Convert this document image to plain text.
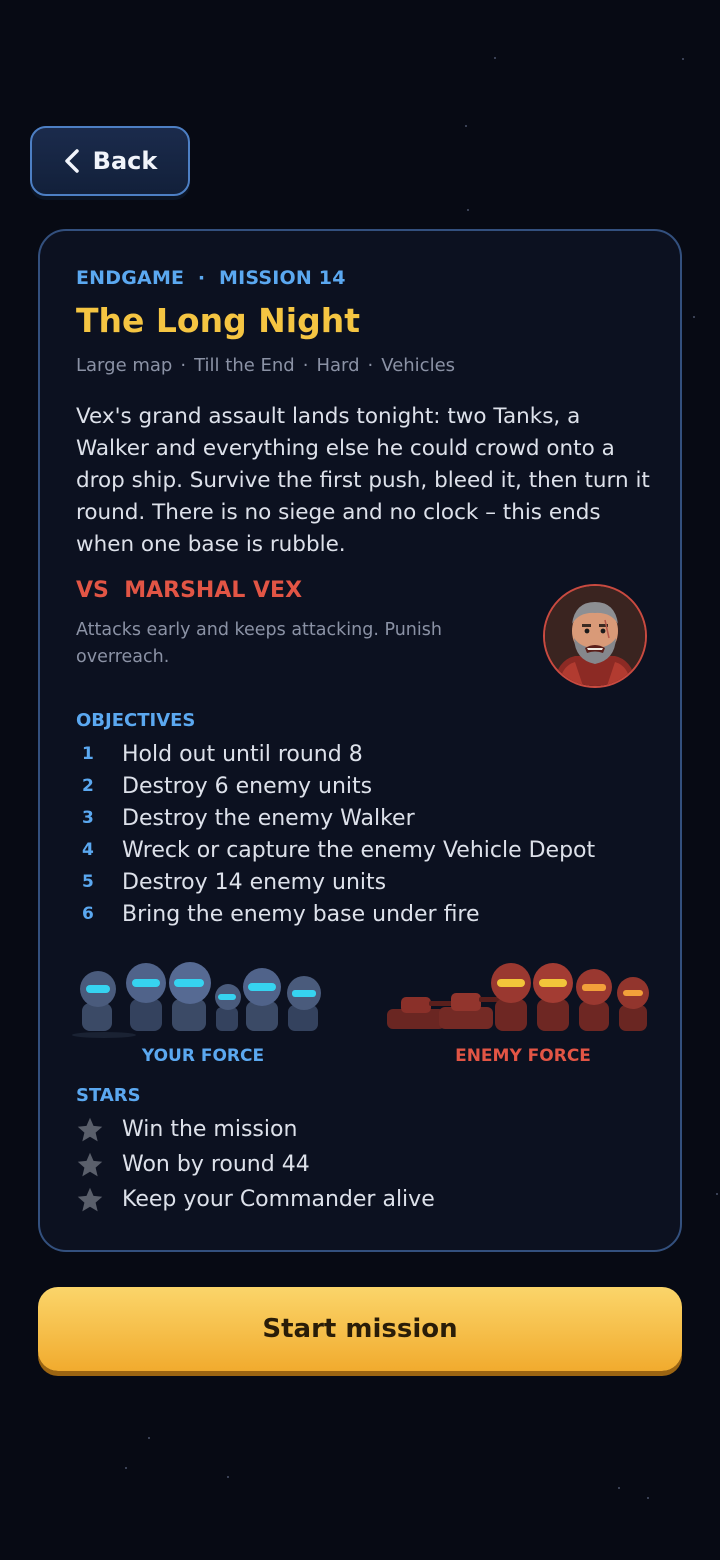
Back
ENDGAME  ·  MISSION 14
The Long Night
Large map · Till the End · Hard · Vehicles
Vex's grand assault lands tonight: two Tanks, a Walker and everything else he could crowd onto a drop ship. Survive the first push, bleed it, then turn it round. There is no siege and no clock – this ends when one base is rubble.
VS MARSHAL VEX
Attacks early and keeps attacking. Punish overreach.
OBJECTIVES
1	Hold out until round 8
2	Destroy 6 enemy units
3	Destroy the enemy Walker
4	Wreck or capture the enemy Vehicle Depot
5	Destroy 14 enemy units
6	Bring the enemy base under fire
YOUR FORCE	ENEMY FORCE
STARS
Win the mission
Won by round 44
Keep your Commander alive
Start mission
